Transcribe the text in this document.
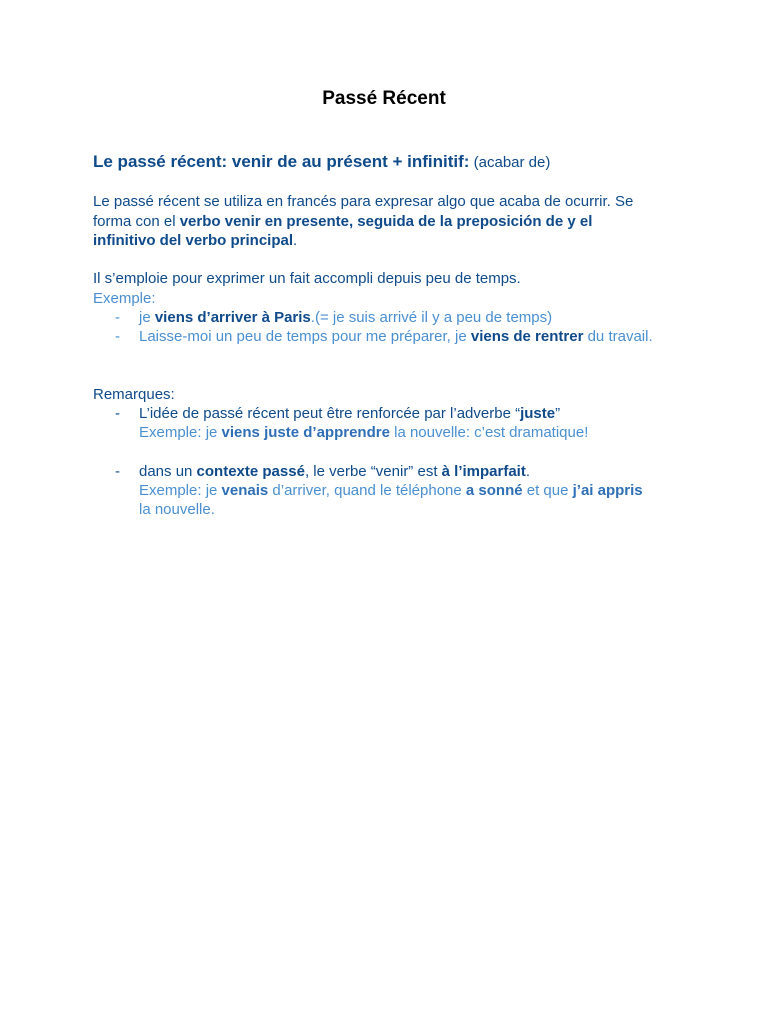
Passé Récent
Le passé récent: venir de au présent + infinitif: (acabar de)
Le passé récent se utiliza en francés para expresar algo que acaba de ocurrir. Se
forma con el verbo venir en presente, seguida de la preposición de y el
infinitivo del verbo principal.
Il s’emploie pour exprimer un fait accompli depuis peu de temps.
Exemple:
- je viens d’arriver à Paris.(= je suis arrivé il y a peu de temps)
- Laisse-moi un peu de temps pour me préparer, je viens de rentrer du travail.
Remarques:
- L’idée de passé récent peut être renforcée par l’adverbe “juste”
Exemple: je viens juste d’apprendre la nouvelle: c’est dramatique!
- dans un contexte passé, le verbe “venir” est à l’imparfait.
Exemple: je venais d’arriver, quand le téléphone a sonné et que j’ai appris
la nouvelle.
